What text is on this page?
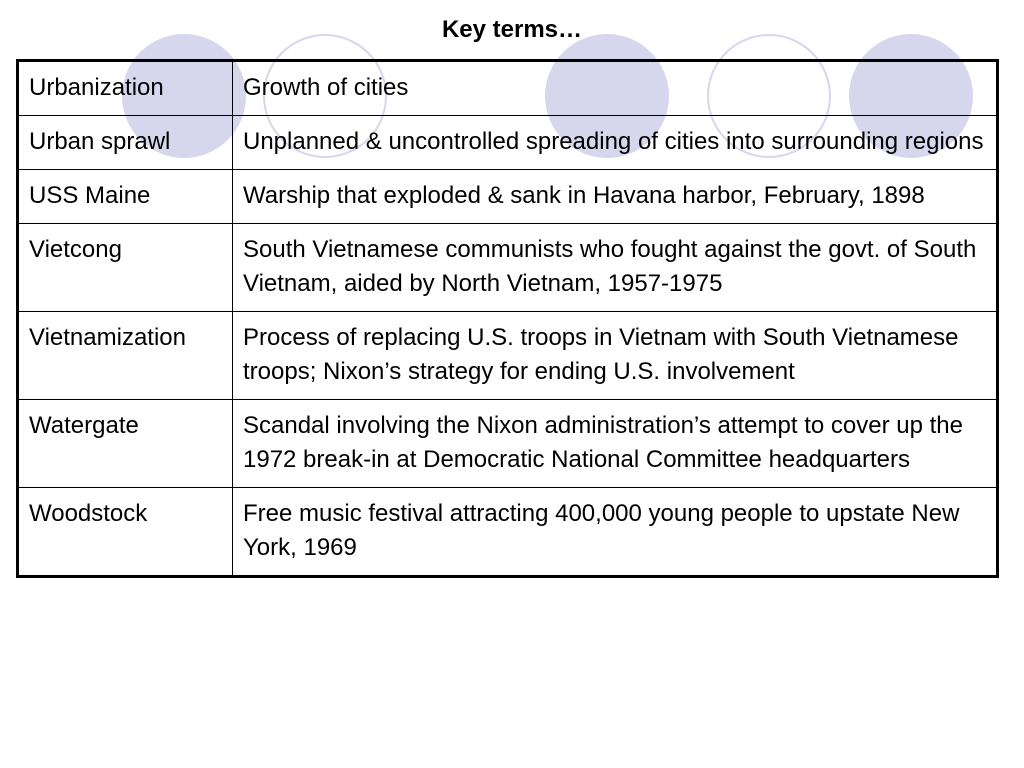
Key terms…
Urbanization	Growth of cities
Urban sprawl	Unplanned & uncontrolled spreading of cities into surrounding regions
USS Maine	Warship that exploded & sank in Havana harbor, February, 1898
Vietcong	South Vietnamese communists who fought against the govt. of South Vietnam, aided by North Vietnam, 1957-1975
Vietnamization	Process of replacing U.S. troops in Vietnam with South Vietnamese troops; Nixon’s strategy for ending U.S. involvement
Watergate	Scandal involving the Nixon administration’s attempt to cover up the 1972 break-in at Democratic National Committee headquarters
Woodstock	Free music festival attracting 400,000 young people to upstate New York, 1969
